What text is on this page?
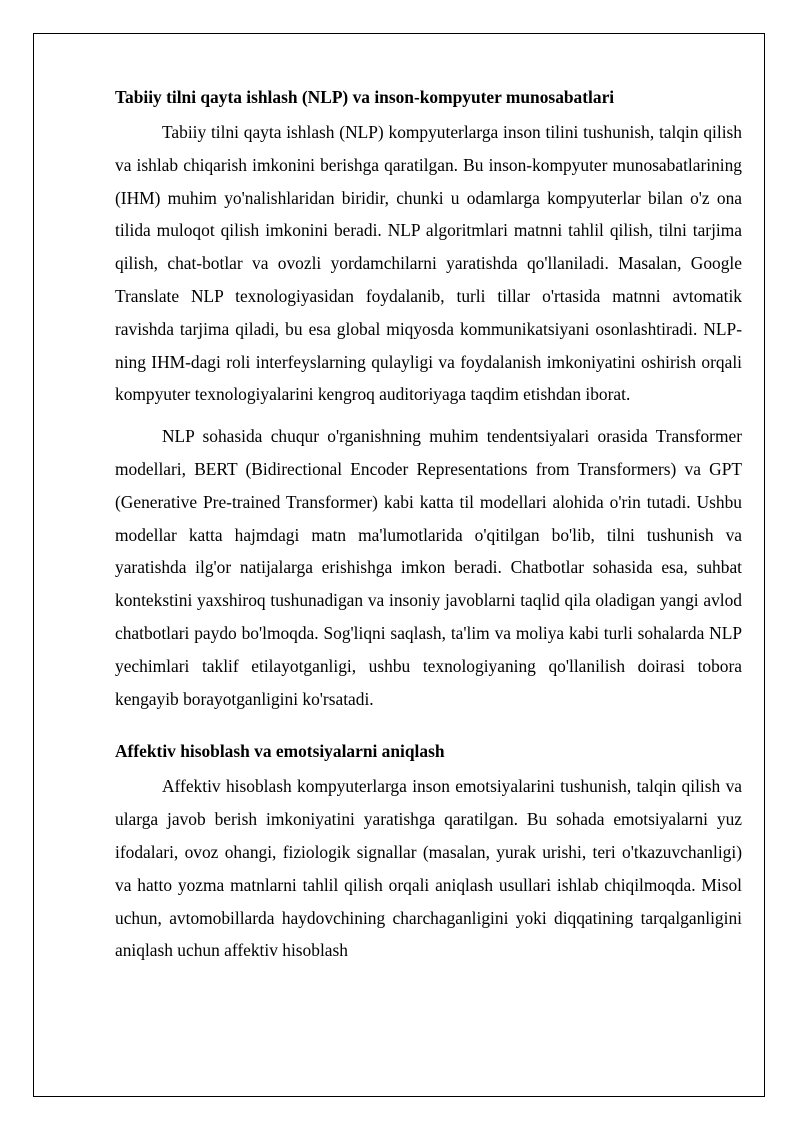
Tabiiy tilni qayta ishlash (NLP) va inson-kompyuter munosabatlari

Tabiiy tilni qayta ishlash (NLP) kompyuterlarga inson tilini tushunish, talqin qilish va ishlab chiqarish imkonini berishga qaratilgan. Bu inson-kompyuter munosabatlarining (IHM) muhim yo'nalishlaridan biridir, chunki u odamlarga kompyuterlar bilan o'z ona tilida muloqot qilish imkonini beradi. NLP algoritmlari matnni tahlil qilish, tilni tarjima qilish, chat-botlar va ovozli yordamchilarni yaratishda qo'llaniladi. Masalan, Google Translate NLP texnologiyasidan foydalanib, turli tillar o'rtasida matnni avtomatik ravishda tarjima qiladi, bu esa global miqyosda kommunikatsiyani osonlashtiradi. NLP-ning IHM-dagi roli interfeyslarning qulayligi va foydalanish imkoniyatini oshirish orqali kompyuter texnologiyalarini kengroq auditoriyaga taqdim etishdan iborat.

NLP sohasida chuqur o'rganishning muhim tendentsiyalari orasida Transformer modellari, BERT (Bidirectional Encoder Representations from Transformers) va GPT (Generative Pre-trained Transformer) kabi katta til modellari alohida o'rin tutadi. Ushbu modellar katta hajmdagi matn ma'lumotlarida o'qitilgan bo'lib, tilni tushunish va yaratishda ilg'or natijalarga erishishga imkon beradi. Chatbotlar sohasida esa, suhbat kontekstini yaxshiroq tushunadigan va insoniy javoblarni taqlid qila oladigan yangi avlod chatbotlari paydo bo'lmoqda. Sog'liqni saqlash, ta'lim va moliya kabi turli sohalarda NLP yechimlari taklif etilayotganligi, ushbu texnologiyaning qo'llanilish doirasi tobora kengayib borayotganligini ko'rsatadi.

Affektiv hisoblash va emotsiyalarni aniqlash

Affektiv hisoblash kompyuterlarga inson emotsiyalarini tushunish, talqin qilish va ularga javob berish imkoniyatini yaratishga qaratilgan. Bu sohada emotsiyalarni yuz ifodalari, ovoz ohangi, fiziologik signallar (masalan, yurak urishi, teri o'tkazuvchanligi) va hatto yozma matnlarni tahlil qilish orqali aniqlash usullari ishlab chiqilmoqda. Misol uchun, avtomobillarda haydovchining charchaganligini yoki diqqatining tarqalganligini aniqlash uchun affektiv hisoblash
